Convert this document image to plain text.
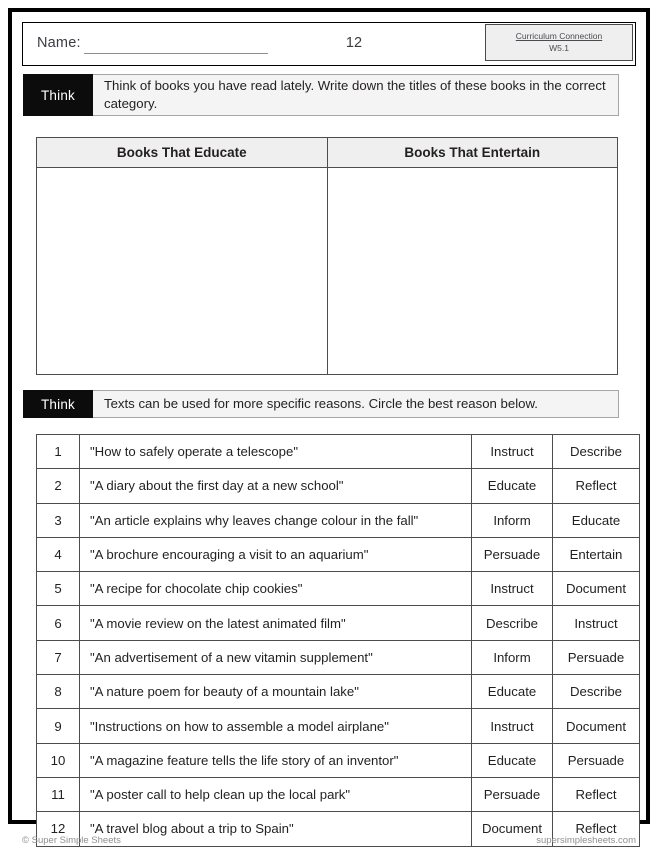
Name:	12	Curriculum Connection
W5.1
Think
Think of books you have read lately. Write down the titles of these books in the correct category.
Books That Educate	Books That Entertain

Think	Texts can be used for more specific reasons. Circle the best reason below.
1	"How to safely operate a telescope"	Instruct	Describe
2	"A diary about the first day at a new school"	Educate	Reflect
3	"An article explains why leaves change colour in the fall"	Inform	Educate
4	"A brochure encouraging a visit to an aquarium"	Persuade	Entertain
5	"A recipe for chocolate chip cookies"	Instruct	Document
6	"A movie review on the latest animated film"	Describe	Instruct
7	"An advertisement of a new vitamin supplement"	Inform	Persuade
8	"A nature poem for beauty of a mountain lake"	Educate	Describe
9	"Instructions on how to assemble a model airplane"	Instruct	Document
10	"A magazine feature tells the life story of an inventor"	Educate	Persuade
11	"A poster call to help clean up the local park"	Persuade	Reflect
12	"A travel blog about a trip to Spain"	Document	Reflect
© Super Simple Sheets	supersimplesheets.com
